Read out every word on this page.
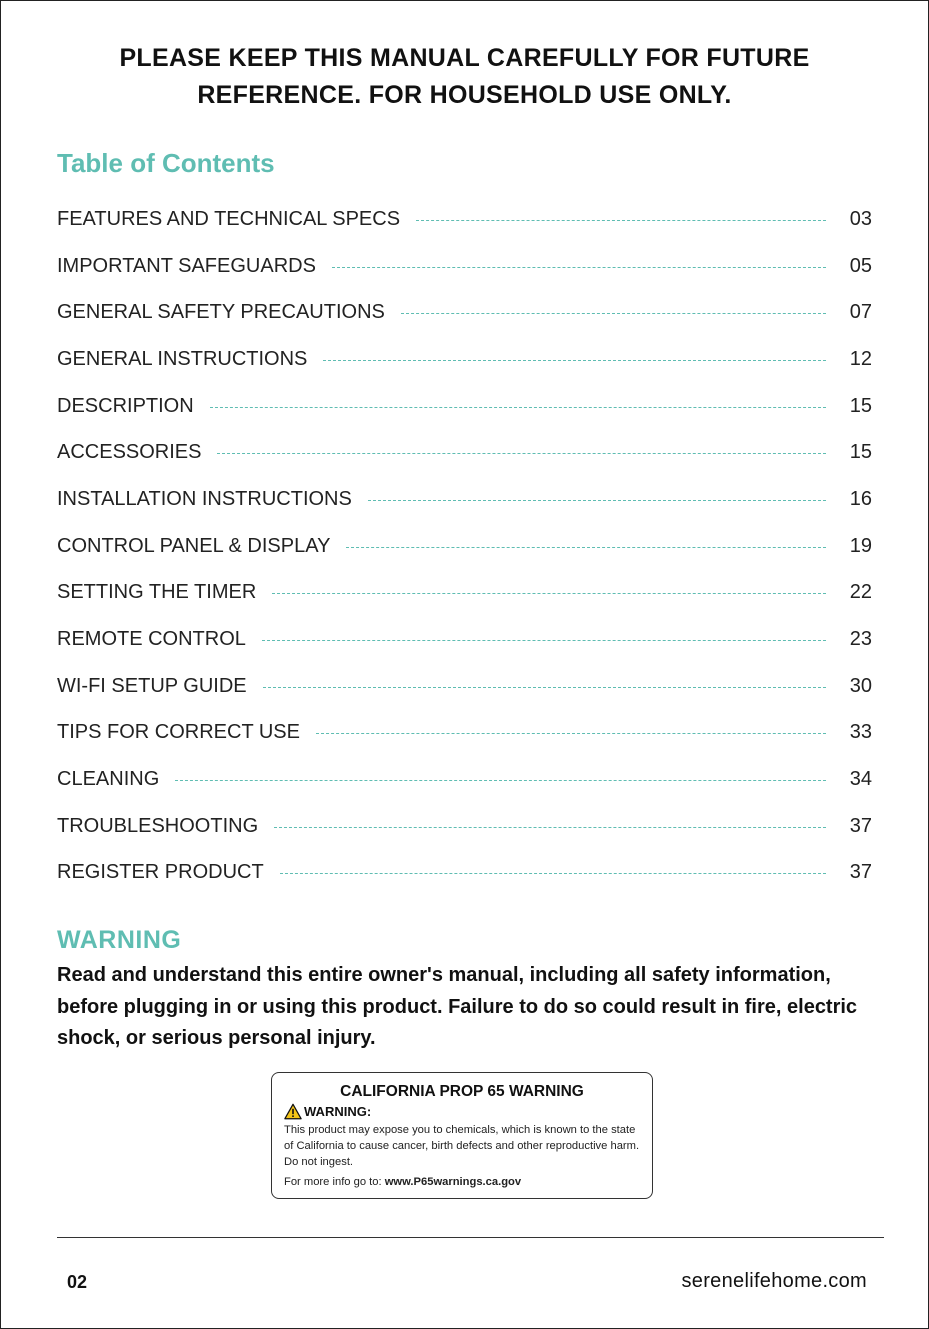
PLEASE KEEP THIS MANUAL CAREFULLY FOR FUTURE
REFERENCE. FOR HOUSEHOLD USE ONLY.
Table of Contents
FEATURES AND TECHNICAL SPECS	03
IMPORTANT SAFEGUARDS	05
GENERAL SAFETY PRECAUTIONS	07
GENERAL INSTRUCTIONS	12
DESCRIPTION	15
ACCESSORIES	15
INSTALLATION INSTRUCTIONS	16
CONTROL PANEL & DISPLAY	19
SETTING THE TIMER	22
REMOTE CONTROL	23
WI-FI SETUP GUIDE	30
TIPS FOR CORRECT USE	33
CLEANING	34
TROUBLESHOOTING	37
REGISTER PRODUCT	37
WARNING
Read and understand this entire owner's manual, including all safety information, before plugging in or using this product. Failure to do so could result in fire, electric shock, or serious personal injury.
CALIFORNIA PROP 65 WARNING
WARNING:
This product may expose you to chemicals, which is known to the state of California to cause cancer, birth defects and other reproductive harm. Do not ingest.
For more info go to: www.P65warnings.ca.gov
02	serenelifehome.com
